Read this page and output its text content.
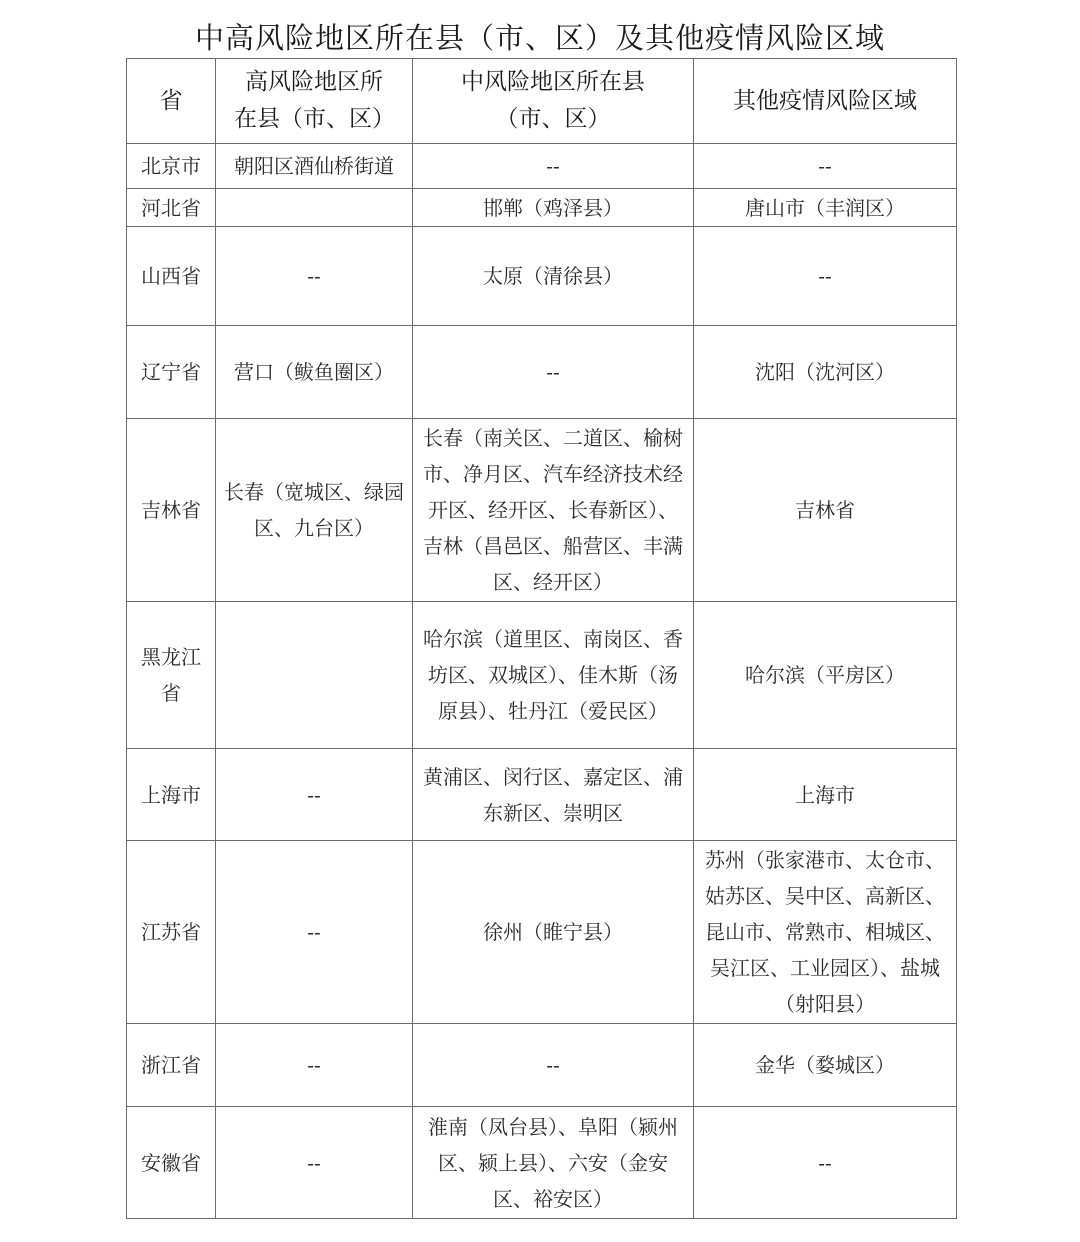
中高风险地区所在县（市、区）及其他疫情风险区域
省	高风险地区所在县（市、区）	中风险地区所在县（市、区）	其他疫情风险区域
北京市	朝阳区酒仙桥街道	--	--
河北省		邯郸（鸡泽县）	唐山市（丰润区）
山西省	--	太原（清徐县）	--
辽宁省	营口（鲅鱼圈区）	--	沈阳（沈河区）
吉林省	长春（宽城区、绿园区、九台区）	长春（南关区、二道区、榆树市、净月区、汽车经济技术经开区、经开区、长春新区）、吉林（昌邑区、船营区、丰满区、经开区）	吉林省
黑龙江省		哈尔滨（道里区、南岗区、香坊区、双城区）、佳木斯（汤原县）、牡丹江（爱民区）	哈尔滨（平房区）
上海市	--	黄浦区、闵行区、嘉定区、浦东新区、崇明区	上海市
江苏省	--	徐州（睢宁县）	苏州（张家港市、太仓市、姑苏区、吴中区、高新区、昆山市、常熟市、相城区、吴江区、工业园区）、盐城（射阳县）
浙江省	--	--	金华（婺城区）
安徽省	--	淮南（凤台县）、阜阳（颍州区、颍上县）、六安（金安区、裕安区）	--
